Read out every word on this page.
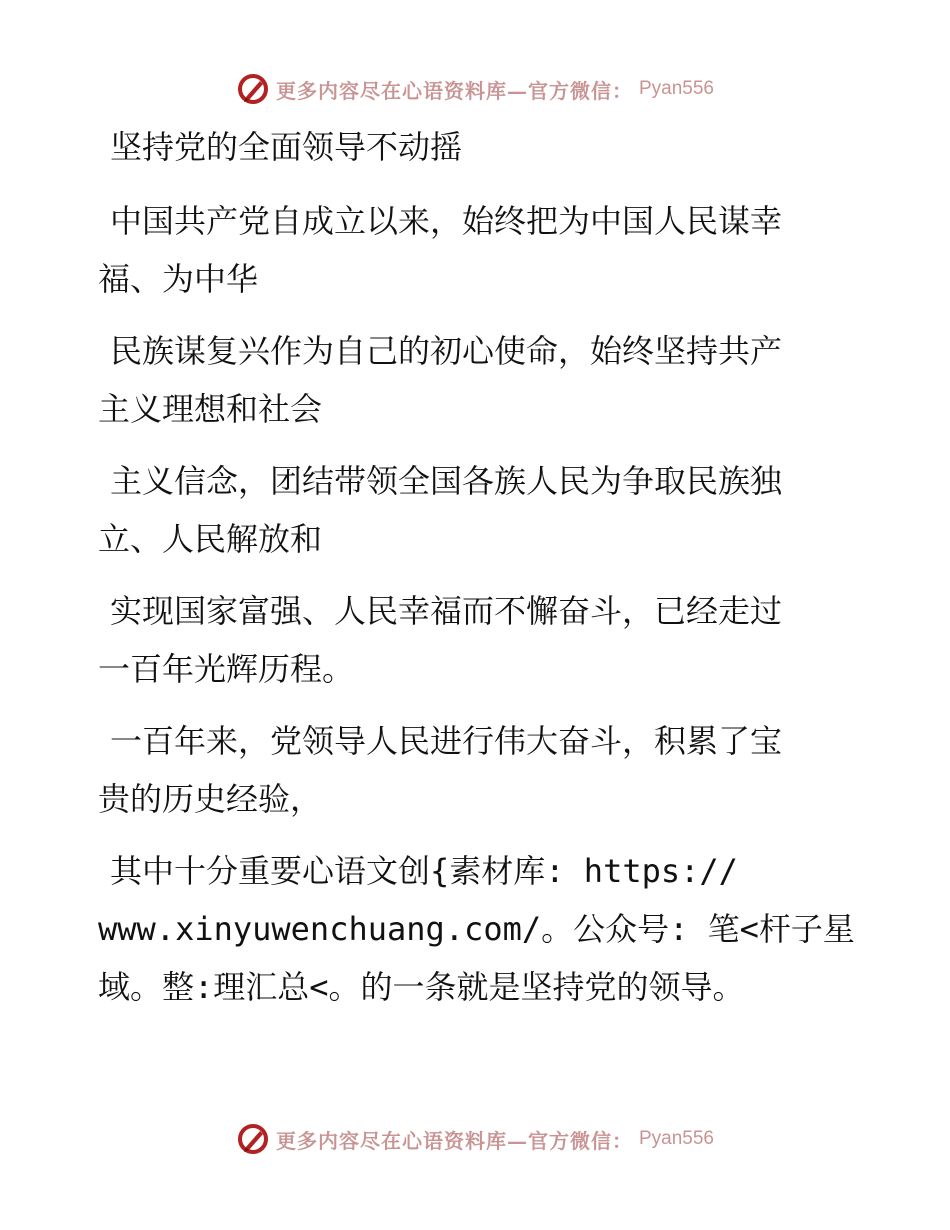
更多内容尽在心语资料库—官方微信： Pyan556
坚持党的全面领导不动摇
中国共产党自成立以来，始终把为中国人民谋幸
福、为中华
民族谋复兴作为自己的初心使命，始终坚持共产
主义理想和社会
主义信念，团结带领全国各族人民为争取民族独
立、人民解放和
实现国家富强、人民幸福而不懈奋斗，已经走过
一百年光辉历程。
一百年来，党领导人民进行伟大奋斗，积累了宝
贵的历史经验，
其中十分重要心语文创{素材库: https://
www.xinyuwenchuang.com/。公众号: 笔<杆子星
域。整:理汇总<。的一条就是坚持党的领导。
更多内容尽在心语资料库—官方微信： Pyan556
